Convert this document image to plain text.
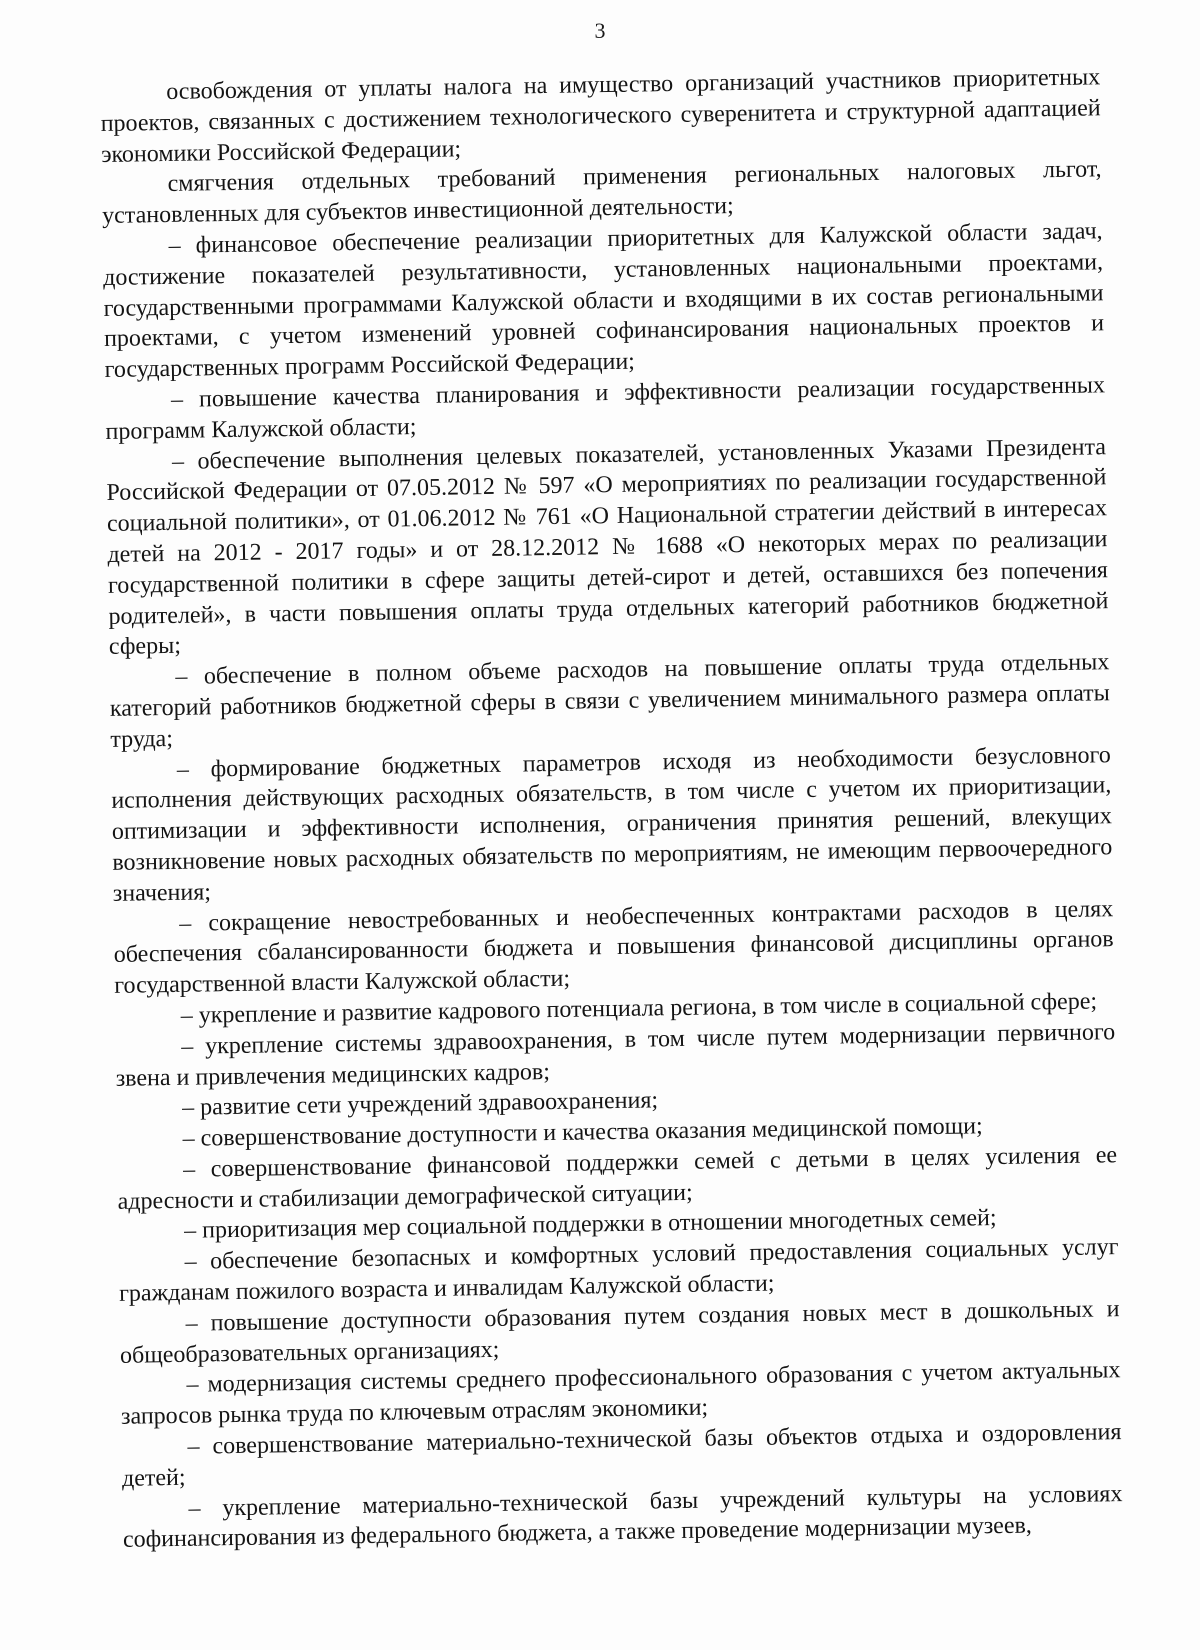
3

освобождения от уплаты налога на имущество организаций участников приоритетных проектов, связанных с достижением технологического суверенитета и структурной адаптацией экономики Российской Федерации;

смягчения отдельных требований применения региональных налоговых льгот, установленных для субъектов инвестиционной деятельности;

– финансовое обеспечение реализации приоритетных для Калужской области задач, достижение показателей результативности, установленных национальными проектами, государственными программами Калужской области и входящими в их состав региональными проектами, с учетом изменений уровней софинансирования национальных проектов и государственных программ Российской Федерации;

– повышение качества планирования и эффективности реализации государственных программ Калужской области;

– обеспечение выполнения целевых показателей, установленных Указами Президента Российской Федерации от 07.05.2012 № 597 «О мероприятиях по реализации государственной социальной политики», от 01.06.2012 № 761 «О Национальной стратегии действий в интересах детей на 2012 - 2017 годы» и от 28.12.2012 № 1688 «О некоторых мерах по реализации государственной политики в сфере защиты детей-сирот и детей, оставшихся без попечения родителей», в части повышения оплаты труда отдельных категорий работников бюджетной сферы;

– обеспечение в полном объеме расходов на повышение оплаты труда отдельных категорий работников бюджетной сферы в связи с увеличением минимального размера оплаты труда;

– формирование бюджетных параметров исходя из необходимости безусловного исполнения действующих расходных обязательств, в том числе с учетом их приоритизации, оптимизации и эффективности исполнения, ограничения принятия решений, влекущих возникновение новых расходных обязательств по мероприятиям, не имеющим первоочередного значения;

– сокращение невостребованных и необеспеченных контрактами расходов в целях обеспечения сбалансированности бюджета и повышения финансовой дисциплины органов государственной власти Калужской области;

– укрепление и развитие кадрового потенциала региона, в том числе в социальной сфере;

– укрепление системы здравоохранения, в том числе путем модернизации первичного звена и привлечения медицинских кадров;

– развитие сети учреждений здравоохранения;

– совершенствование доступности и качества оказания медицинской помощи;

– совершенствование финансовой поддержки семей с детьми в целях усиления ее адресности и стабилизации демографической ситуации;

– приоритизация мер социальной поддержки в отношении многодетных семей;

– обеспечение безопасных и комфортных условий предоставления социальных услуг гражданам пожилого возраста и инвалидам Калужской области;

– повышение доступности образования путем создания новых мест в дошкольных и общеобразовательных организациях;

– модернизация системы среднего профессионального образования с учетом актуальных запросов рынка труда по ключевым отраслям экономики;

– совершенствование материально-технической базы объектов отдыха и оздоровления детей;

– укрепление материально-технической базы учреждений культуры на условиях софинансирования из федерального бюджета, а также проведение модернизации музеев,
